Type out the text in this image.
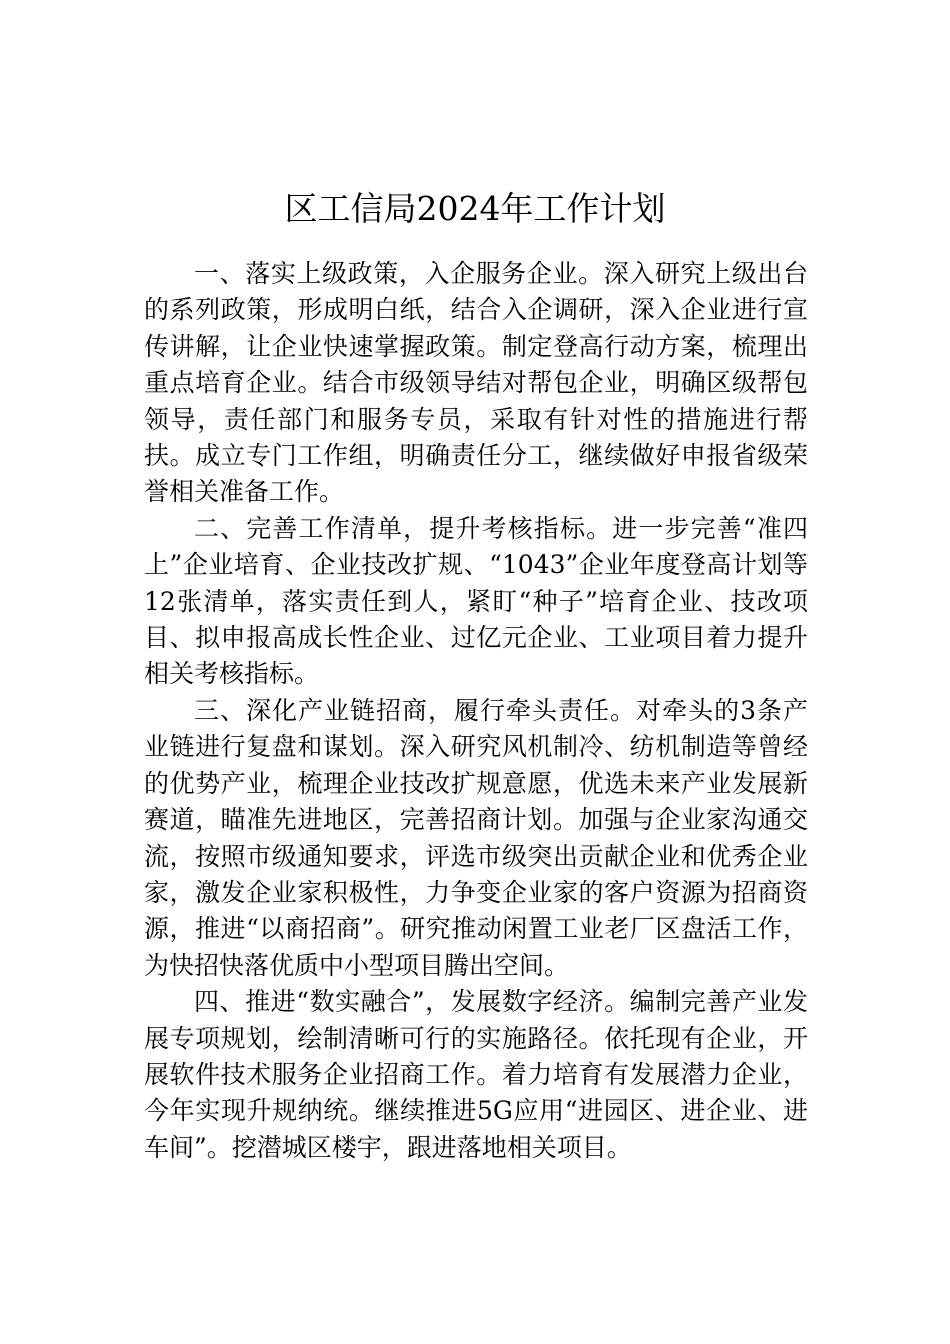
区工信局2024年工作计划

一、落实上级政策，入企服务企业。深入研究上级出台的系列政策，形成明白纸，结合入企调研，深入企业进行宣传讲解，让企业快速掌握政策。制定登高行动方案，梳理出重点培育企业。结合市级领导结对帮包企业，明确区级帮包领导，责任部门和服务专员，采取有针对性的措施进行帮扶。成立专门工作组，明确责任分工，继续做好申报省级荣誉相关准备工作。

二、完善工作清单，提升考核指标。进一步完善“准四上”企业培育、企业技改扩规、“1043”企业年度登高计划等12张清单，落实责任到人，紧盯“种子”培育企业、技改项目、拟申报高成长性企业、过亿元企业、工业项目着力提升相关考核指标。

三、深化产业链招商，履行牵头责任。对牵头的3条产业链进行复盘和谋划。深入研究风机制冷、纺机制造等曾经的优势产业，梳理企业技改扩规意愿，优选未来产业发展新赛道，瞄准先进地区，完善招商计划。加强与企业家沟通交流，按照市级通知要求，评选市级突出贡献企业和优秀企业家，激发企业家积极性，力争变企业家的客户资源为招商资源，推进“以商招商”。研究推动闲置工业老厂区盘活工作，为快招快落优质中小型项目腾出空间。

四、推进“数实融合”，发展数字经济。编制完善产业发展专项规划，绘制清晰可行的实施路径。依托现有企业，开展软件技术服务企业招商工作。着力培育有发展潜力企业，今年实现升规纳统。继续推进5G应用“进园区、进企业、进车间”。挖潜城区楼宇，跟进落地相关项目。
